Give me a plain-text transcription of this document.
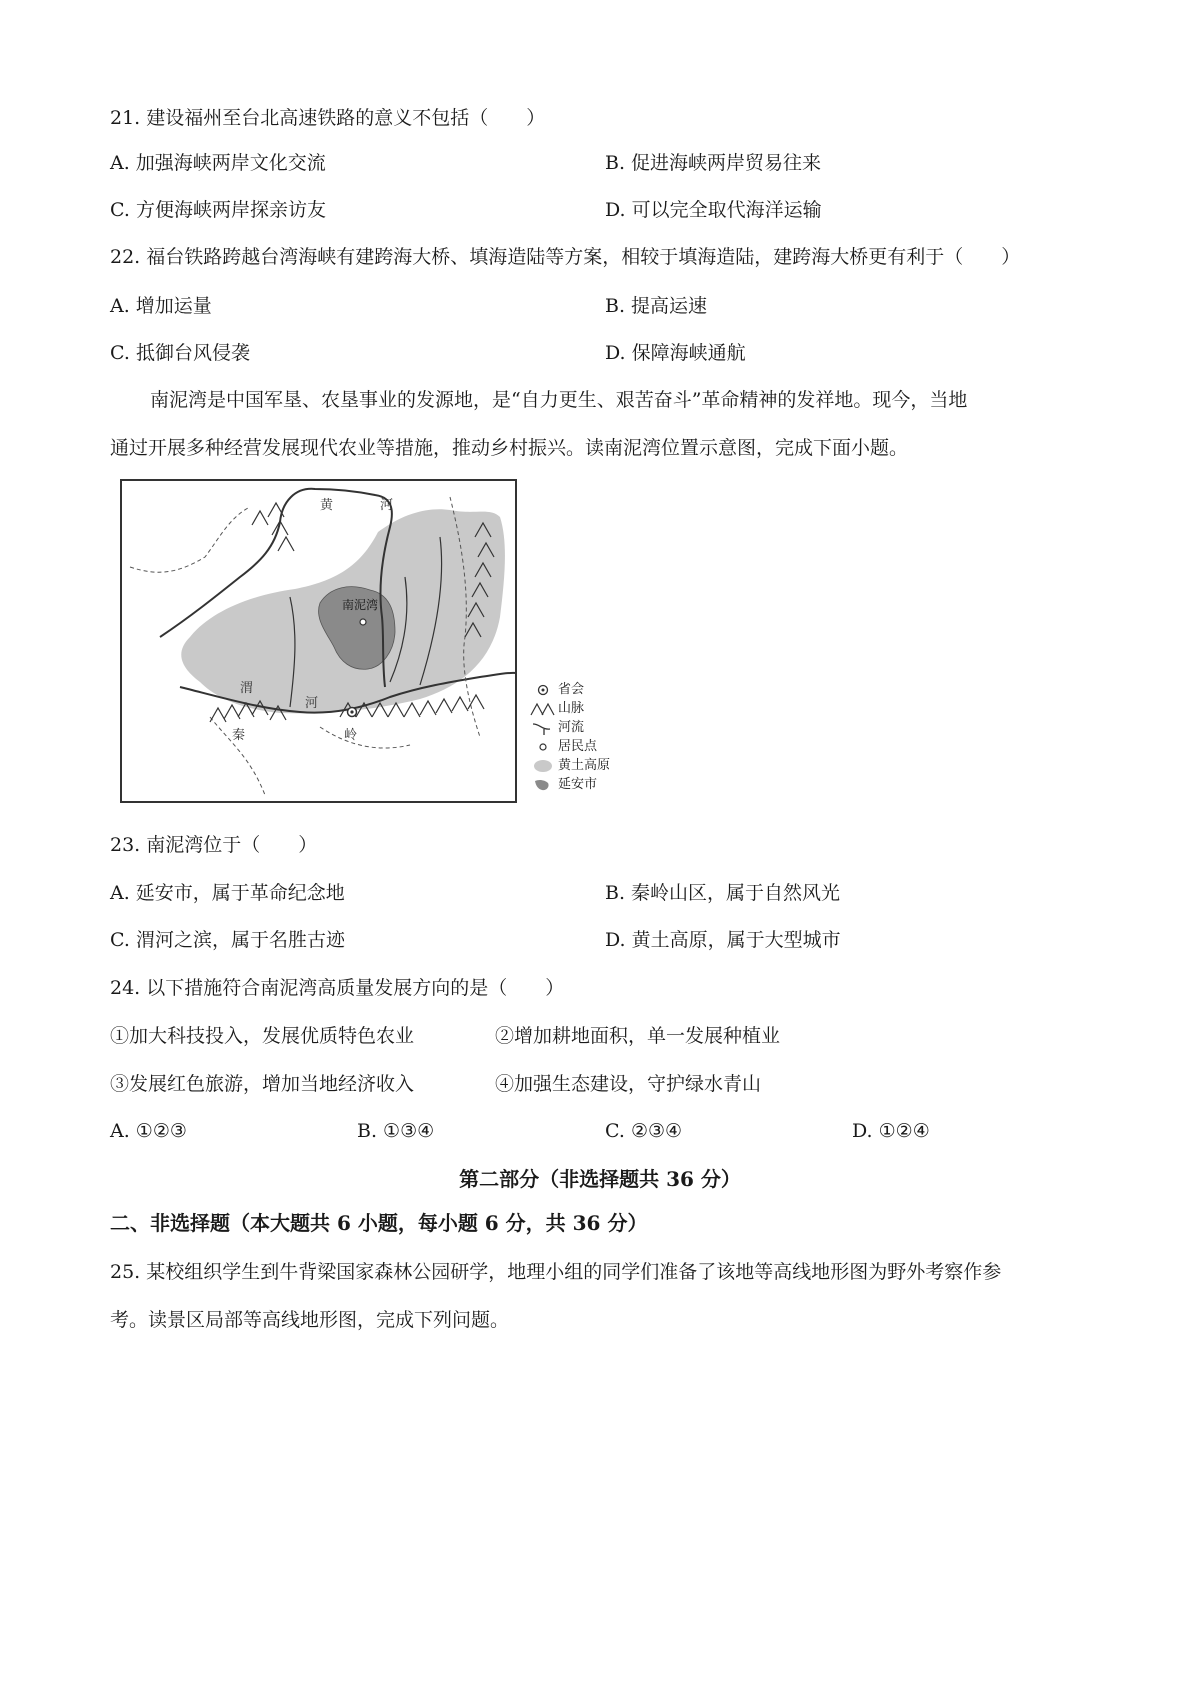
21. 建设福州至台北高速铁路的意义不包括（　　）
A. 加强海峡两岸文化交流	B. 促进海峡两岸贸易往来
C. 方便海峡两岸探亲访友	D. 可以完全取代海洋运输
22. 福台铁路跨越台湾海峡有建跨海大桥、填海造陆等方案，相较于填海造陆，建跨海大桥更有利于（　　）
A. 增加运量	B. 提高运速
C. 抵御台风侵袭	D. 保障海峡通航
南泥湾是中国军垦、农垦事业的发源地，是“自力更生、艰苦奋斗”革命精神的发祥地。现今，当地
通过开展多种经营发展现代农业等措施，推动乡村振兴。读南泥湾位置示意图，完成下面小题。
黄	河
南泥湾
渭
河
秦	岭
省会
山脉
河流
居民点
黄土高原
延安市
23. 南泥湾位于（　　）
A. 延安市，属于革命纪念地	B. 秦岭山区，属于自然风光
C. 渭河之滨，属于名胜古迹	D. 黄土高原，属于大型城市
24. 以下措施符合南泥湾高质量发展方向的是（　　）
①加大科技投入，发展优质特色农业	②增加耕地面积，单一发展种植业
③发展红色旅游，增加当地经济收入	④加强生态建设，守护绿水青山
A. ①②③	B. ①③④	C. ②③④	D. ①②④
第二部分（非选择题共 36 分）
二、非选择题（本大题共 6 小题，每小题 6 分，共 36 分）
25. 某校组织学生到牛背梁国家森林公园研学，地理小组的同学们准备了该地等高线地形图为野外考察作参
考。读景区局部等高线地形图，完成下列问题。
